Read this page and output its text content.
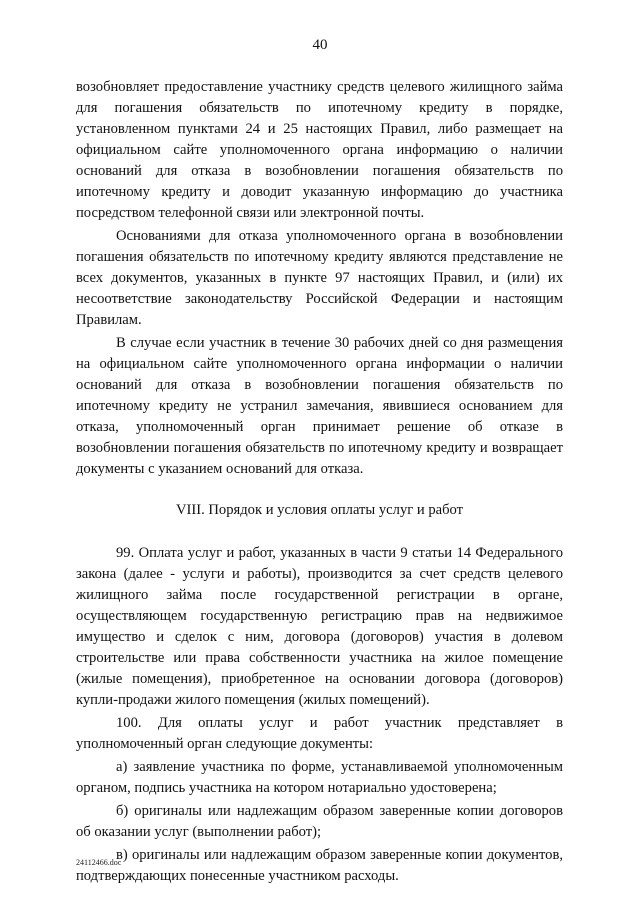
40

возобновляет предоставление участнику средств целевого жилищного займа для погашения обязательств по ипотечному кредиту в порядке, установленном пунктами 24 и 25 настоящих Правил, либо размещает на официальном сайте уполномоченного органа информацию о наличии оснований для отказа в возобновлении погашения обязательств по ипотечному кредиту и доводит указанную информацию до участника посредством телефонной связи или электронной почты.

Основаниями для отказа уполномоченного органа в возобновлении погашения обязательств по ипотечному кредиту являются представление не всех документов, указанных в пункте 97 настоящих Правил, и (или) их несоответствие законодательству Российской Федерации и настоящим Правилам.

В случае если участник в течение 30 рабочих дней со дня размещения на официальном сайте уполномоченного органа информации о наличии оснований для отказа в возобновлении погашения обязательств по ипотечному кредиту не устранил замечания, явившиеся основанием для отказа, уполномоченный орган принимает решение об отказе в возобновлении погашения обязательств по ипотечному кредиту и возвращает документы с указанием оснований для отказа.

VIII. Порядок и условия оплаты услуг и работ

99. Оплата услуг и работ, указанных в части 9 статьи 14 Федерального закона (далее - услуги и работы), производится за счет средств целевого жилищного займа после государственной регистрации в органе, осуществляющем государственную регистрацию прав на недвижимое имущество и сделок с ним, договора (договоров) участия в долевом строительстве или права собственности участника на жилое помещение (жилые помещения), приобретенное на основании договора (договоров) купли-продажи жилого помещения (жилых помещений).

100. Для оплаты услуг и работ участник представляет в уполномоченный орган следующие документы:

а) заявление участника по форме, устанавливаемой уполномоченным органом, подпись участника на котором нотариально удостоверена;

б) оригиналы или надлежащим образом заверенные копии договоров об оказании услуг (выполнении работ);

в) оригиналы или надлежащим образом заверенные копии документов, подтверждающих понесенные участником расходы.

24112466.doc
